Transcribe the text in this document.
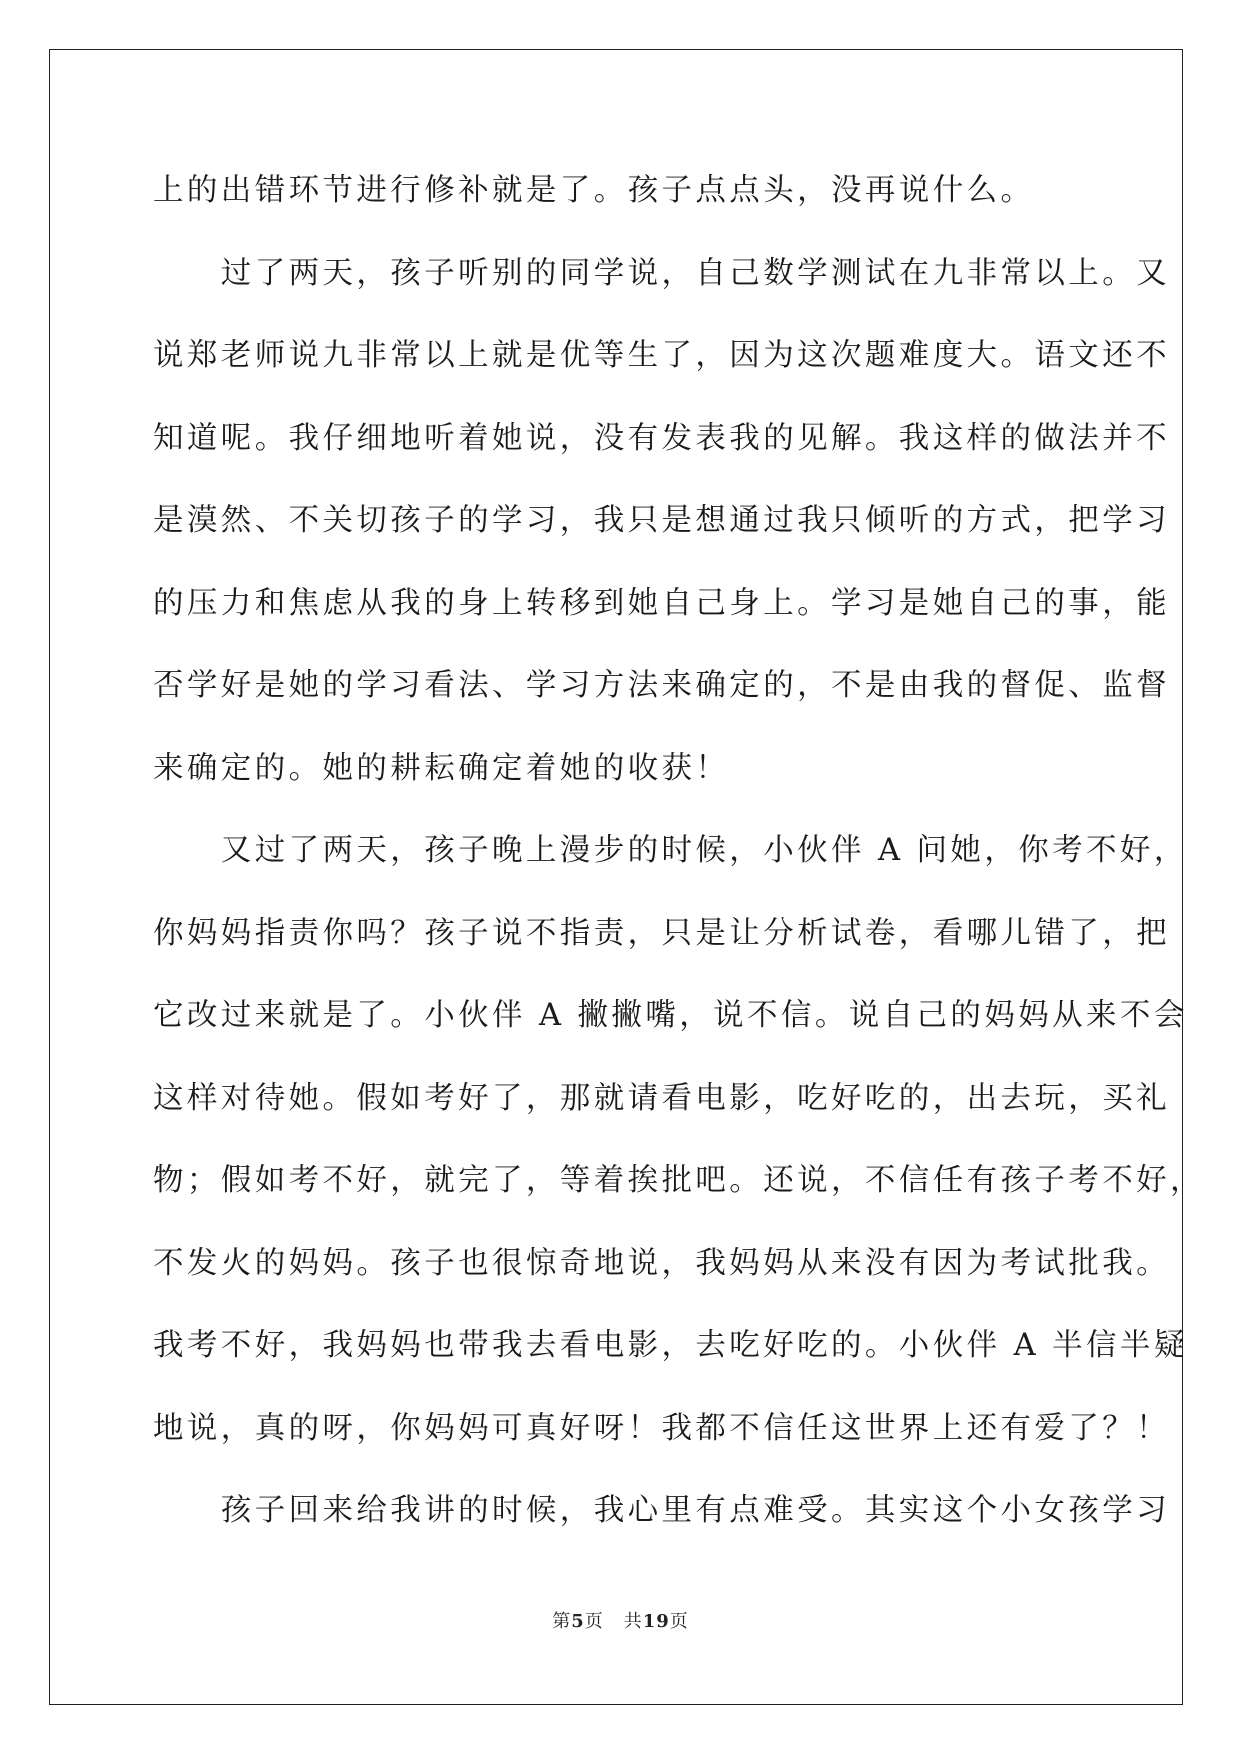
上的出错环节进行修补就是了。孩子点点头，没再说什么。
　　过了两天，孩子听别的同学说，自己数学测试在九非常以上。又
说郑老师说九非常以上就是优等生了，因为这次题难度大。语文还不
知道呢。我仔细地听着她说，没有发表我的见解。我这样的做法并不
是漠然、不关切孩子的学习，我只是想通过我只倾听的方式，把学习
的压力和焦虑从我的身上转移到她自己身上。学习是她自己的事，能
否学好是她的学习看法、学习方法来确定的，不是由我的督促、监督
来确定的。她的耕耘确定着她的收获！
　　又过了两天，孩子晚上漫步的时候，小伙伴 A 问她，你考不好，
你妈妈指责你吗？孩子说不指责，只是让分析试卷，看哪儿错了，把
它改过来就是了。小伙伴 A 撇撇嘴，说不信。说自己的妈妈从来不会
这样对待她。假如考好了，那就请看电影，吃好吃的，出去玩，买礼
物；假如考不好，就完了，等着挨批吧。还说，不信任有孩子考不好，
不发火的妈妈。孩子也很惊奇地说，我妈妈从来没有因为考试批我。
我考不好，我妈妈也带我去看电影，去吃好吃的。小伙伴 A 半信半疑
地说，真的呀，你妈妈可真好呀！我都不信任这世界上还有爱了？！
　　孩子回来给我讲的时候，我心里有点难受。其实这个小女孩学习
第5页 共19页
